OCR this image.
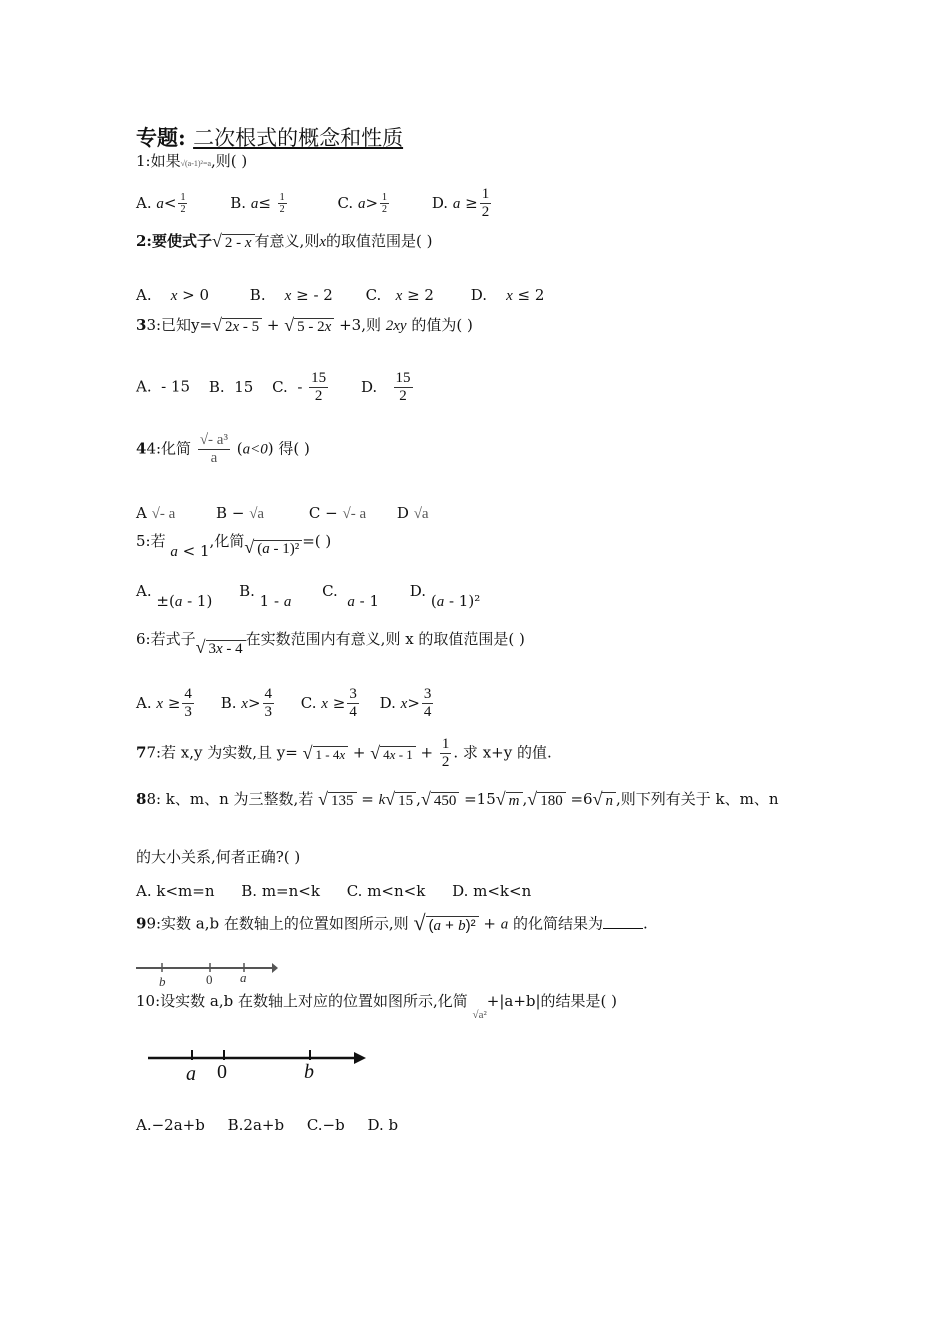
专题: 二次根式的概念和性质
1:如果√(a-1)²=a,则( )
A. $a< \frac{1}{2}$	B. $a\le \frac{1}{2}$	C. $a> \frac{1}{2}$	D. $a \ge \frac{1}{2}$
2:要使式子√ 2 - x 有意义,则x的取值范围是( )
A. x > 0	B. x ≥ - 2 C. x ≥ 2 D. x ≤ 2
33:已知y=√ 2x - 5 + √ 5 - 2x +3,则 2xy 的值为( )
A.  - 15 B.  15 C.  - $\frac{15}{2} D$. $\frac{15}{2}$
44:化简 $\frac{\text{√- a³}}{a} (a<0)$ 得( )
A √- a	B − √a	C − √- a D √a
5:若 a < 1,化简√ (a - 1)² =( )
A. ±(a - 1) B. 1 - a C.  a - 1 D. (a - 1)²
6:若式子√ 3x - 4在实数范围内有意义,则 x 的取值范围是( )
A. $x \ge \frac{4}{3} B$. $x> \frac{4}{3} C$. $x \ge \frac{3}{4} D$. $x> \frac{3}{4}$
77:若 x,y 为实数,且 y= √ 1 - 4x + √ $4x - 1 + \frac{1}{2}$ . 求 x+y 的值.
88: k、m、n 为三整数,若 √ 135 = k√ 15 ,√ 450 =15√ m ,√ 180 =6√ n ,则下列有关于 k、m、n
的大小关系,何者正确?( )
A. k<m=n B. m=n<k C. m<n<k D. m<k<n
99:实数 a,b 在数轴上的位置如图所示,则 √ (a + b)² + a 的化简结果为	.
b	0 a
10:设实数 a,b 在数轴上对应的位置如图所示,化简 $_{√a^2}$+|a+b|的结果是( )
a 0	b
A.−2a+b B.2a+b C.−b D. b
